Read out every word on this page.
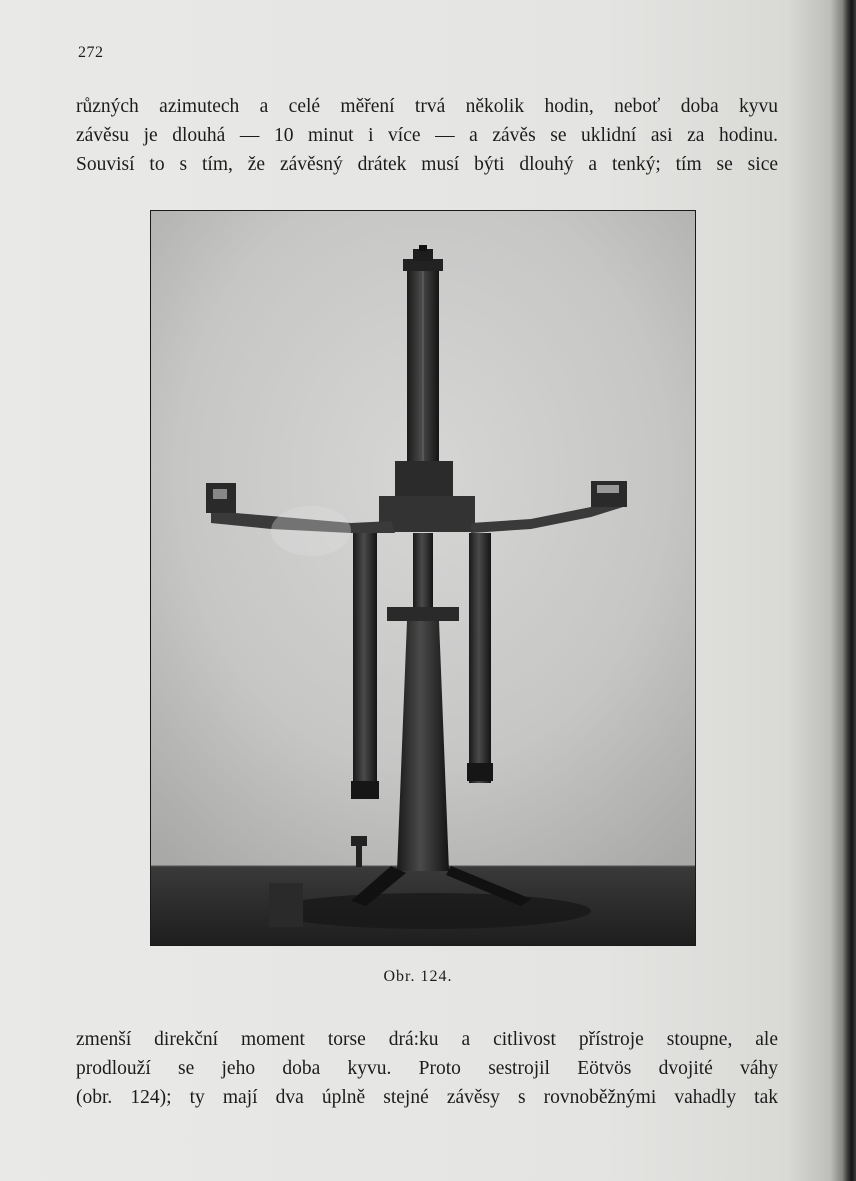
272
různých azimutech a celé měření trvá několik hodin, neboť doba kyvu
závěsu je dlouhá — 10 minut i více — a závěs se uklidní asi za hodinu.
Souvisí to s tím, že závěsný drátek musí býti dlouhý a tenký; tím se sice
Obr. 124.
zmenší direkční moment torse drá:ku a citlivost přístroje stoupne, ale
prodlouží se jeho doba kyvu. Proto sestrojil Eötvös dvojité váhy
(obr. 124); ty mají dva úplně stejné závěsy s rovnoběžnými vahadly tak
